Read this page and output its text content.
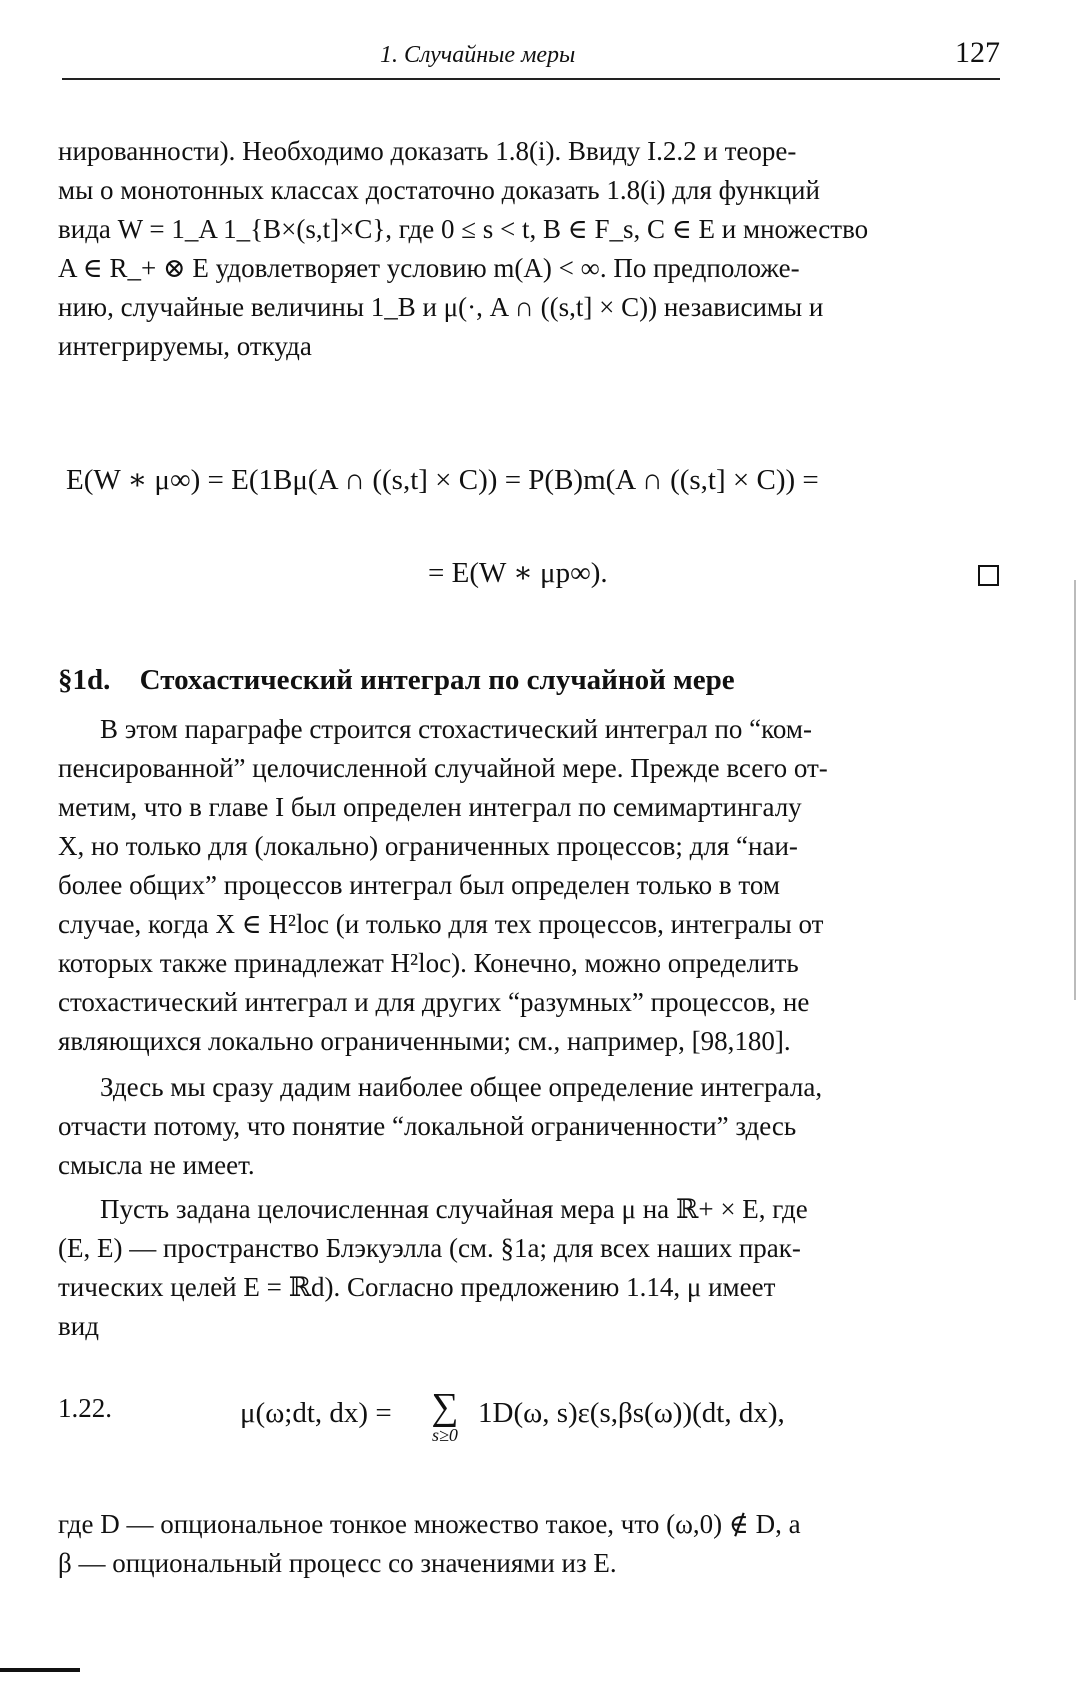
1. Случайные меры	127

нированности). Необходимо доказать 1.8(i). Ввиду I.2.2 и теоре-

мы о монотонных классах достаточно доказать 1.8(i) для функций

вида W = 1_A 1_{B×(s,t]×C}, где 0 ≤ s < t, B ∈ F_s, C ∈ E и множество

A ∈ R_+ ⊗ E удовлетворяет условию m(A) < ∞. По предположе-

нию, случайные величины 1_B и μ(·, A ∩ ((s,t] × C)) независимы и

интегрируемы, откуда

E(W ∗ μ∞) = E(1Bμ(A ∩ ((s,t] × C)) = P(B)m(A ∩ ((s,t] × C)) =
= E(W ∗ μp∞).
§1d. Стохастический интеграл по случайной мере

В этом параграфе строится стохастический интеграл по “ком-

пенсированной” целочисленной случайной мере. Прежде всего от-

метим, что в главе I был определен интеграл по семимартингалу

X, но только для (локально) ограниченных процессов; для “наи-

более общих” процессов интеграл был определен только в том

случае, когда X ∈ H²loc (и только для тех процессов, интегралы от

которых также принадлежат H²loc). Конечно, можно определить

стохастический интеграл и для других “разумных” процессов, не

являющихся локально ограниченными; см., например, [98,180].

Здесь мы сразу дадим наиболее общее определение интеграла,

отчасти потому, что понятие “локальной ограниченности” здесь

смысла не имеет.

Пусть задана целочисленная случайная мера μ на ℝ+ × E, где

(E, E) — пространство Блэкуэлла (см. §1a; для всех наших прак-

тических целей E = ℝd). Согласно предложению 1.14, μ имеет

вид

1.22.	μ(ω;dt, dx) =	∑
s≥0
1D(ω, s)ε(s,βs(ω))(dt, dx),

где D — опциональное тонкое множество такое, что (ω,0) ∉ D, а

β — опциональный процесс со значениями из E.
